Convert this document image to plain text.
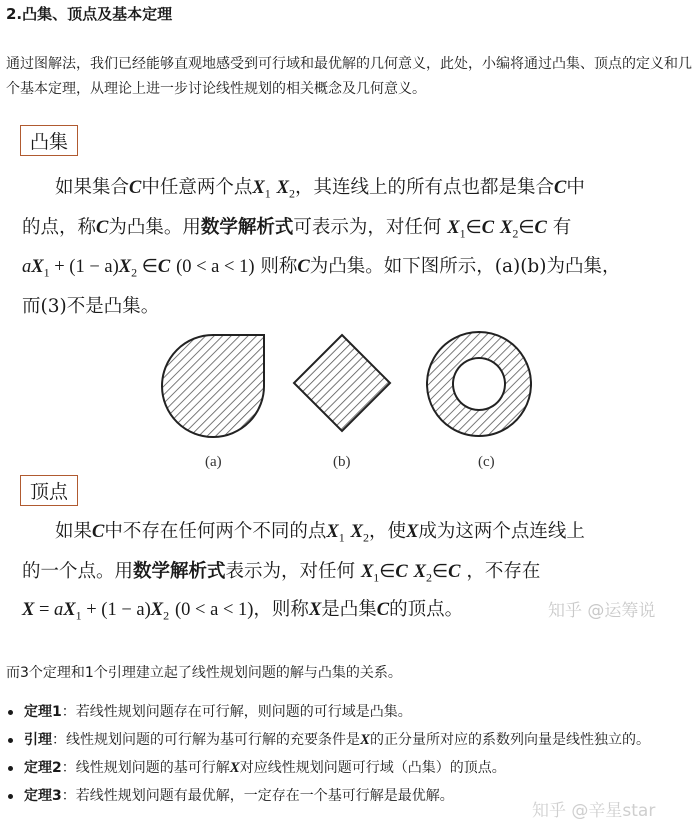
2.凸集、顶点及基本定理
通过图解法，我们已经能够直观地感受到可行域和最优解的几何意义，此处，小编将通过凸集、顶点的定义和几个基本定理，从理论上进一步讨论线性规划的相关概念及几何意义。
凸集
如果集合C中任意两个点$X_1$ $X_2$，其连线上的所有点也都是集合C中
的点，称C为凸集。用数学解析式可表示为，对任何 $X_1\in C$ $X_2\in C$ 有
$aX_1 + (1 - a)X_2$ ∈C (0 < a < 1) 则称C为凸集。如下图所示，(a)(b)为凸集，
而(3)不是凸集。
(a)	(b)	(c)
顶点
如果C中不存在任何两个不同的点$X_1$ $X_2$，使X成为这两个点连线上
的一个点。用数学解析式表示为，对任何 $X_1\in C$ $X_2\in C$ ，不存在
$X = aX_1 + (1 - a)X_2$ (0 < a < 1)，则称X是凸集C的顶点。	知乎 @运筹说
而3个定理和1个引理建立起了线性规划问题的解与凸集的关系。
定理1：若线性规划问题存在可行解，则问题的可行域是凸集。
引理：线性规划问题的可行解为基可行解的充要条件是X的正分量所对应的系数列向量是线性独立的。
定理2：线性规划问题的基可行解X对应线性规划问题可行域（凸集）的顶点。
定理3：若线性规划问题有最优解，一定存在一个基可行解是最优解。
知乎 @辛星star
